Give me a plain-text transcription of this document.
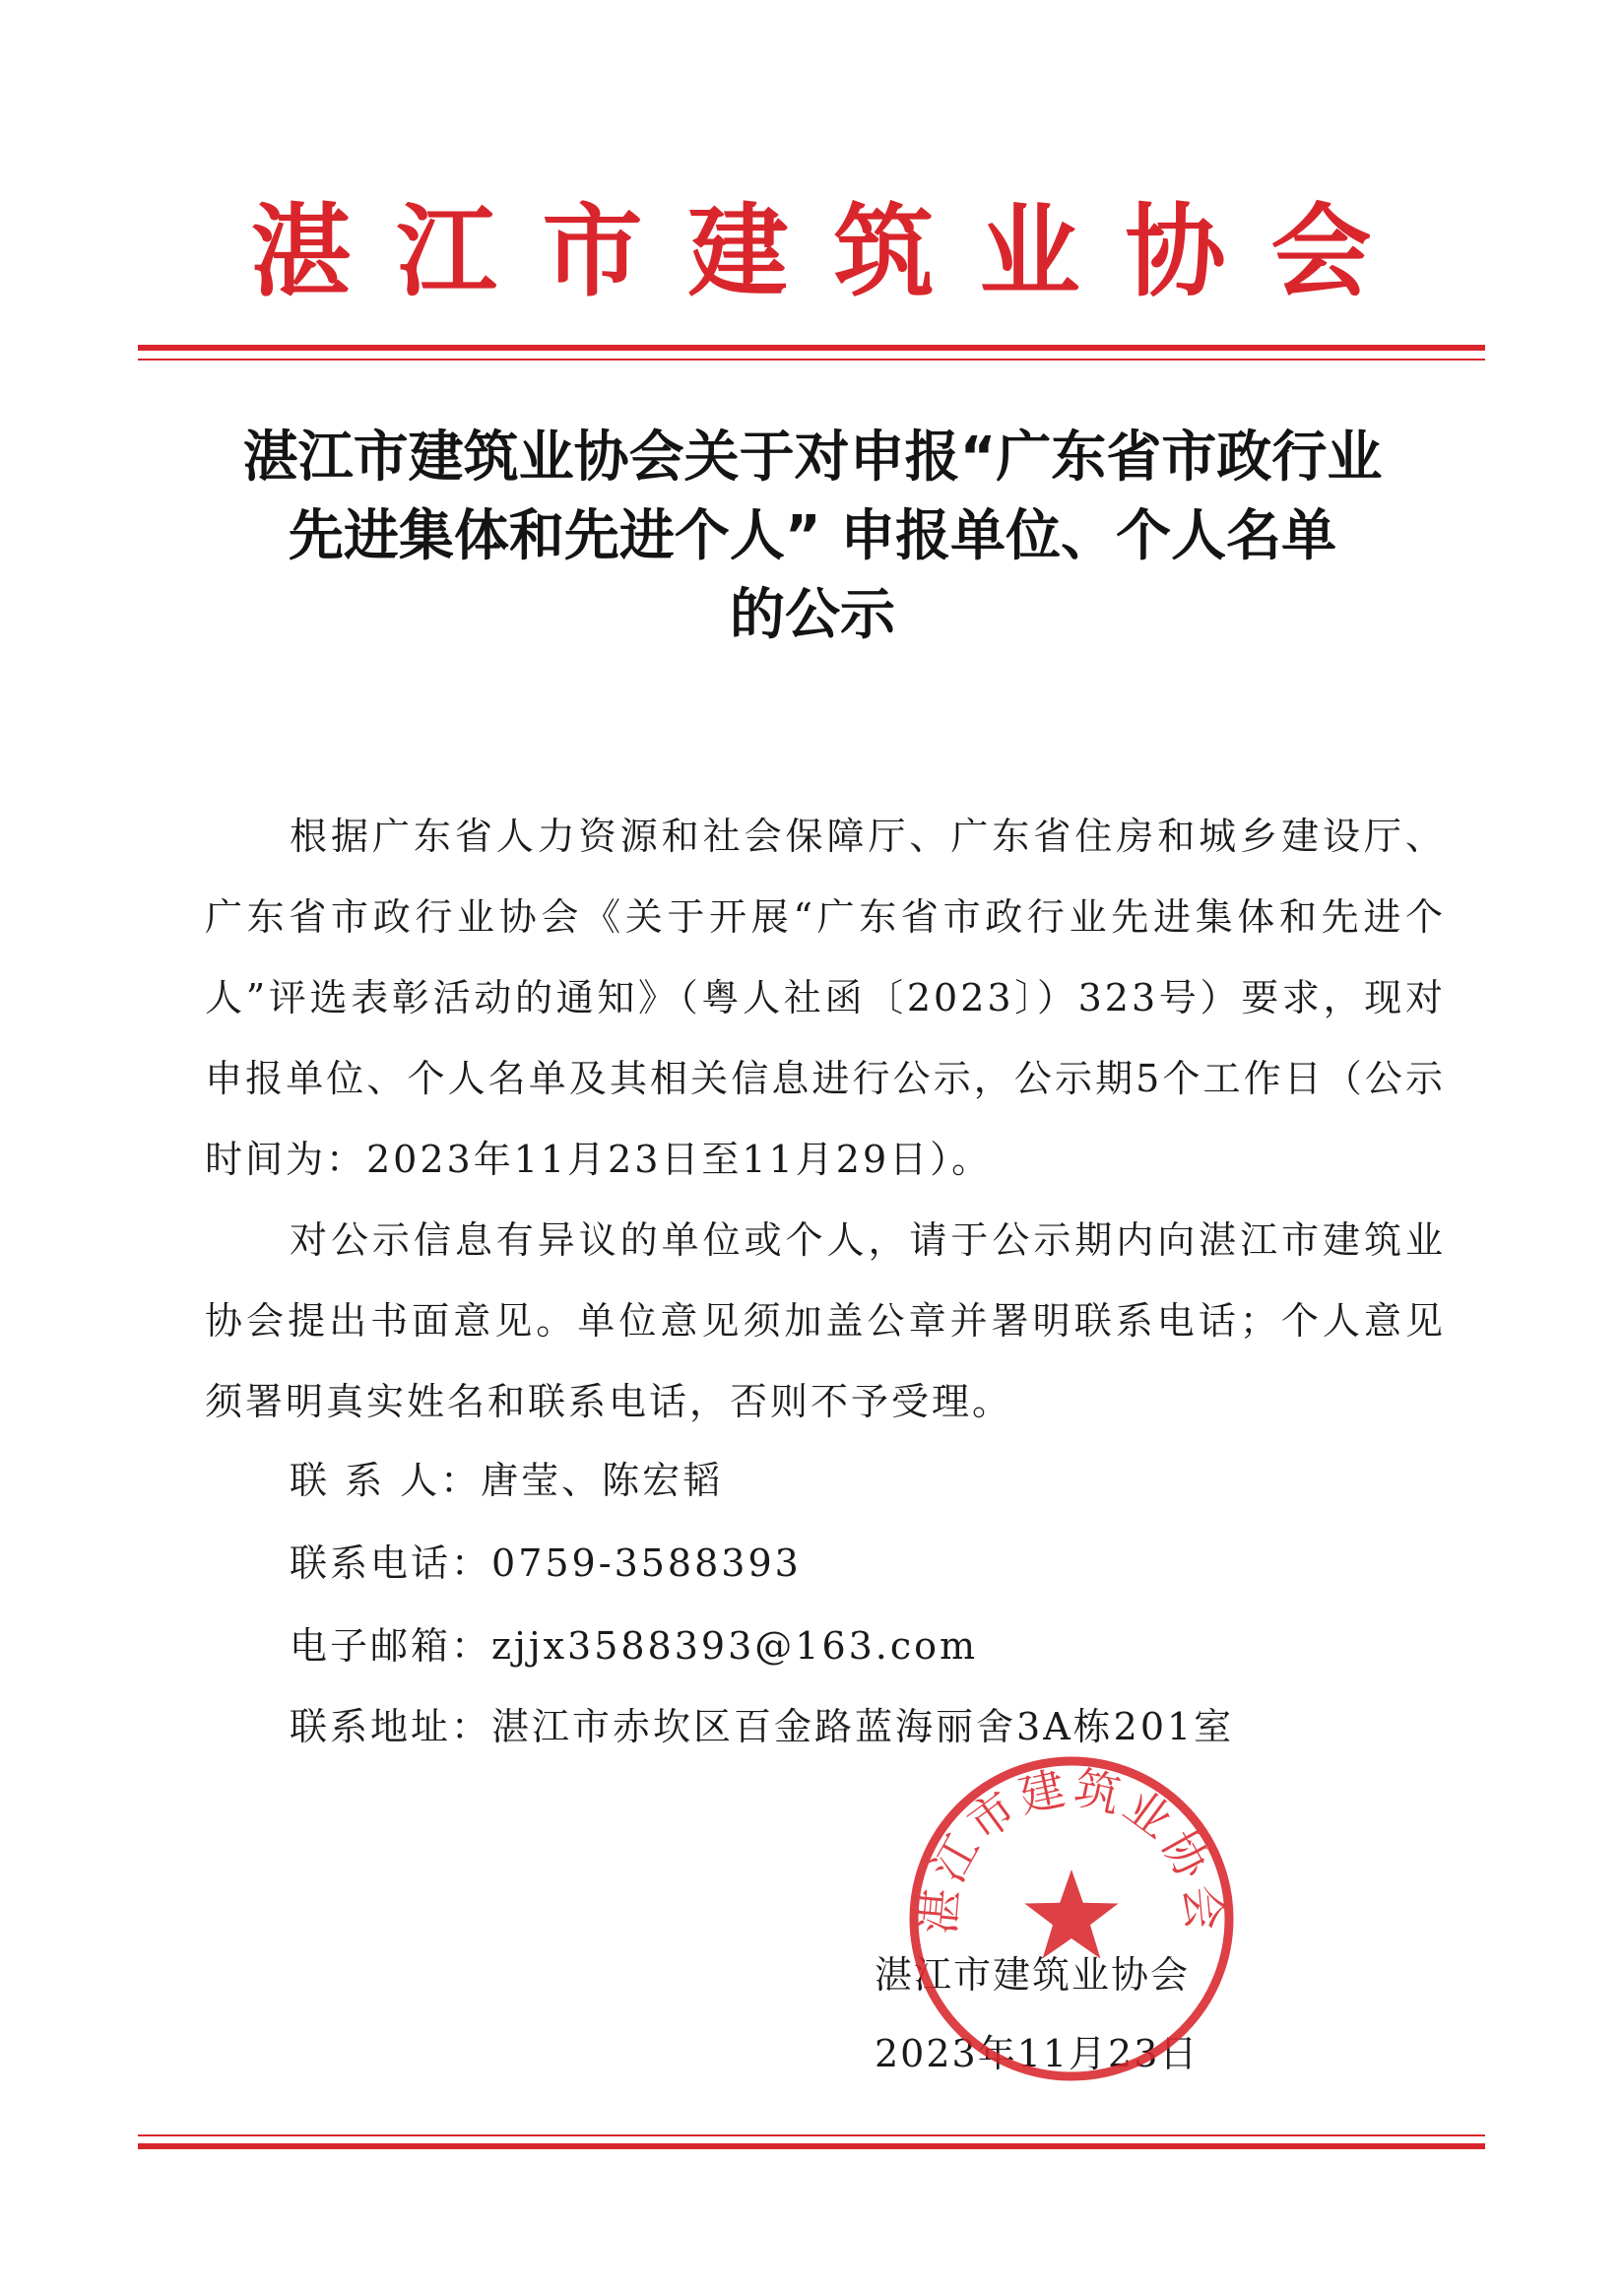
湛江市建筑业协会
湛江市建筑业协会关于对申报“广东省市政行业
先进集体和先进个人” 申报单位、个人名单
的公示

根据广东省人力资源和社会保障厅、广东省住房和城乡建设厅、广东省市政行业协会《关于开展“广东省市政行业先进集体和先进个人”评选表彰活动的通知》（粤人社函〔2023〕）323号）要求，现对申报单位、个人名单及其相关信息进行公示，公示期5个工作日（公示时间为：2023年11月23日至11月29日）。

对公示信息有异议的单位或个人，请于公示期内向湛江市建筑业协会提出书面意见。单位意见须加盖公章并署明联系电话；个人意见须署明真实姓名和联系电话，否则不予受理。

联 系 人：唐莹、陈宏韬
联系电话：0759-3588393
电子邮箱：zjjx3588393@163.com
联系地址：湛江市赤坎区百金路蓝海丽舍3A栋201室
湛江市建筑业协会
2023年11月23日
湛江市建筑业协会
